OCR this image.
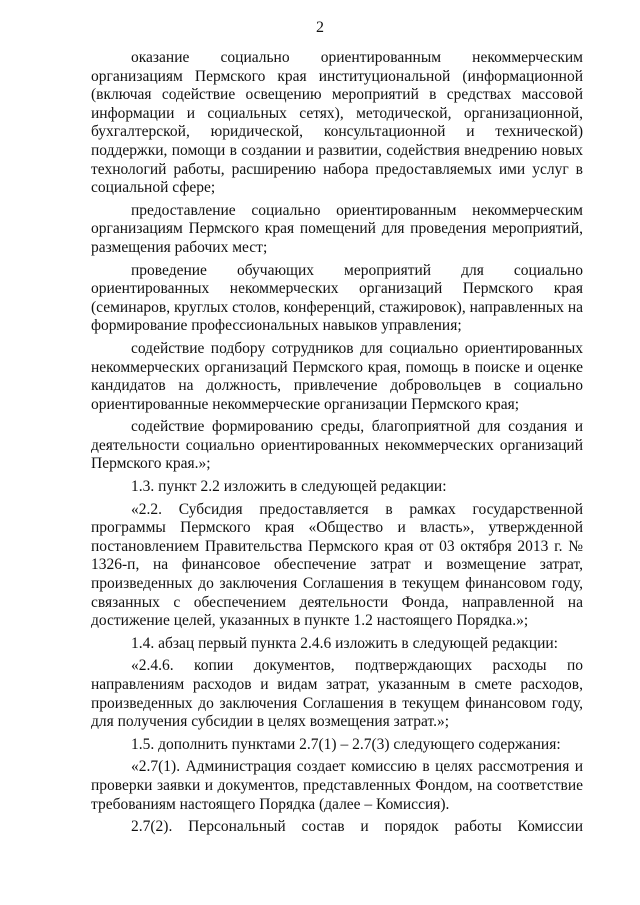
2

оказание социально ориентированным некоммерческим организациям Пермского края институциональной (информационной (включая содействие освещению мероприятий в средствах массовой информации и социальных сетях), методической, организационной, бухгалтерской, юридической, консультационной и технической) поддержки, помощи в создании и развитии, содействия внедрению новых технологий работы, расширению набора предоставляемых ими услуг в социальной сфере;

предоставление социально ориентированным некоммерческим организациям Пермского края помещений для проведения мероприятий, размещения рабочих мест;

проведение обучающих мероприятий для социально ориентированных некоммерческих организаций Пермского края (семинаров, круглых столов, конференций, стажировок), направленных на формирование профессиональных навыков управления;

содействие подбору сотрудников для социально ориентированных некоммерческих организаций Пермского края, помощь в поиске и оценке кандидатов на должность, привлечение добровольцев в социально ориентированные некоммерческие организации Пермского края;

содействие формированию среды, благоприятной для создания и деятельности социально ориентированных некоммерческих организаций Пермского края.»;

1.3. пункт 2.2 изложить в следующей редакции:

«2.2. Субсидия предоставляется в рамках государственной программы Пермского края «Общество и власть», утвержденной постановлением Правительства Пермского края от 03 октября 2013 г. № 1326-п, на финансовое обеспечение затрат и возмещение затрат, произведенных до заключения Соглашения в текущем финансовом году, связанных с обеспечением деятельности Фонда, направленной на достижение целей, указанных в пункте 1.2 настоящего Порядка.»;

1.4. абзац первый пункта 2.4.6 изложить в следующей редакции:

«2.4.6. копии документов, подтверждающих расходы по направлениям расходов и видам затрат, указанным в смете расходов, произведенных до заключения Соглашения в текущем финансовом году, для получения субсидии в целях возмещения затрат.»;

1.5. дополнить пунктами 2.7(1) – 2.7(3) следующего содержания:

«2.7(1). Администрация создает комиссию в целях рассмотрения и проверки заявки и документов, представленных Фондом, на соответствие требованиям настоящего Порядка (далее – Комиссия).

2.7(2). Персональный состав и порядок работы Комиссии
